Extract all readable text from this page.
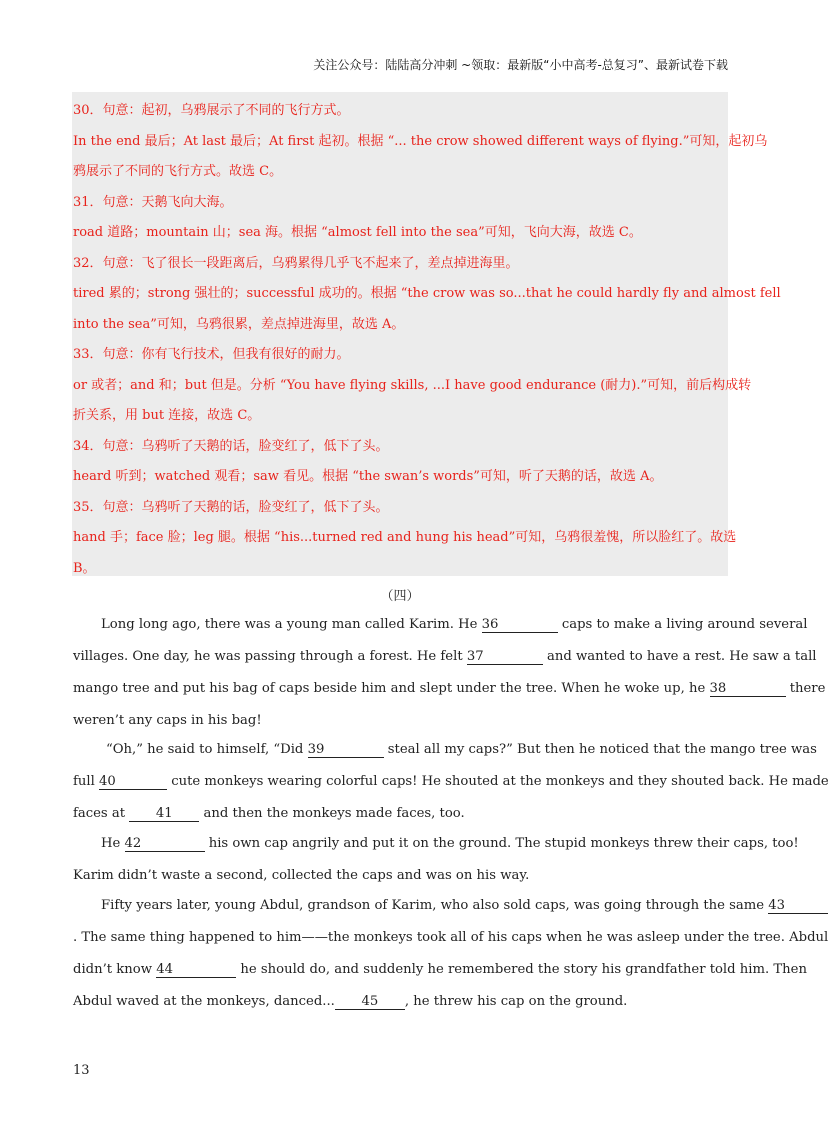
关注公众号：陆陆高分冲刺 ~领取：最新版“小中高考-总复习”、最新试卷下载
30．句意：起初，乌鸦展示了不同的飞行方式。
In the end 最后；At last 最后；At first 起初。根据 “... the crow showed different ways of flying.”可知，起初乌
鸦展示了不同的飞行方式。故选 C。
31．句意：天鹅飞向大海。
road 道路；mountain 山；sea 海。根据 “almost fell into the sea”可知，飞向大海，故选 C。
32．句意：飞了很长一段距离后，乌鸦累得几乎飞不起来了，差点掉进海里。
tired 累的；strong 强壮的；successful 成功的。根据 “the crow was so...that he could hardly fly and almost fell
into the sea”可知，乌鸦很累，差点掉进海里，故选 A。
33．句意：你有飞行技术，但我有很好的耐力。
or 或者；and 和；but 但是。分析 “You have flying skills, ...I have good endurance (耐力).”可知，前后构成转
折关系，用 but 连接，故选 C。
34．句意：乌鸦听了天鹅的话，脸变红了，低下了头。
heard 听到；watched 观看；saw 看见。根据 “the swan’s words”可知，听了天鹅的话，故选 A。
35．句意：乌鸦听了天鹅的话，脸变红了，低下了头。
hand 手；face 脸；leg 腿。根据 “his...turned red and hung his head”可知，乌鸦很羞愧，所以脸红了。故选
B。
（四）
Long long ago, there was a young man called Karim. He 36	caps to make a living around several
villages. One day, he was passing through a forest. He felt 37	and wanted to have a rest. He saw a tall
mango tree and put his bag of caps beside him and slept under the tree. When he woke up, he 38	there
weren’t any caps in his bag!
“Oh,” he said to himself, “Did 39	steal all my caps?” But then he noticed that the mango tree was
full 40	cute monkeys wearing colorful caps! He shouted at the monkeys and they shouted back. He made
faces at 41 and then the monkeys made faces, too.
He 42	his own cap angrily and put it on the ground. The stupid monkeys threw their caps, too!
Karim didn’t waste a second, collected the caps and was on his way.
Fifty years later, young Abdul, grandson of Karim, who also sold caps, was going through the same 43
. The same thing happened to him——the monkeys took all of his caps when he was asleep under the tree. Abdul
didn’t know 44	he should do, and suddenly he remembered the story his grandfather told him. Then
Abdul waved at the monkeys, danced... 45 , he threw his cap on the ground.
13
